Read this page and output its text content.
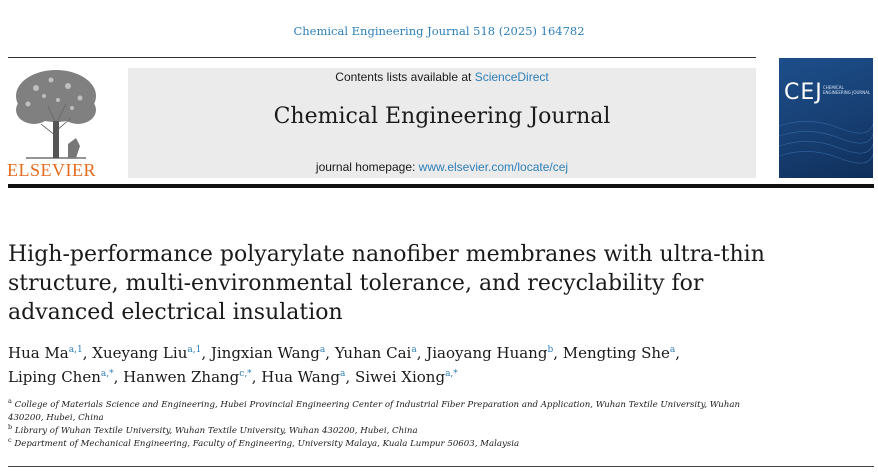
Chemical Engineering Journal 518 (2025) 164782
ELSEVIER
Contents lists available at ScienceDirect
Chemical Engineering Journal
journal homepage: www.elsevier.com/locate/cej
CEJ CHEMICAL ENGINEERING JOURNAL
High-performance polyarylate nanofiber membranes with ultra-thin structure, multi-environmental tolerance, and recyclability for advanced electrical insulation
Hua Ma$^{a,1}$, Xueyang Liu$^{a,1}$, Jingxian Wang$^a$, Yuhan Cai$^a$, Jiaoyang Huang$^b$, Mengting She$^a$,
Liping Chen$^{a,*}$, Hanwen Zhang$^{c,*}$, Hua Wang$^a$, Siwei Xiong$^{a,*}$

$^a$ College of Materials Science and Engineering, Hubei Provincial Engineering Center of Industrial Fiber Preparation and Application, Wuhan Textile University, Wuhan 430200, Hubei, China

$^b$ Library of Wuhan Textile University, Wuhan Textile University, Wuhan 430200, Hubei, China

$^c$ Department of Mechanical Engineering, Faculty of Engineering, University Malaya, Kuala Lumpur 50603, Malaysia
